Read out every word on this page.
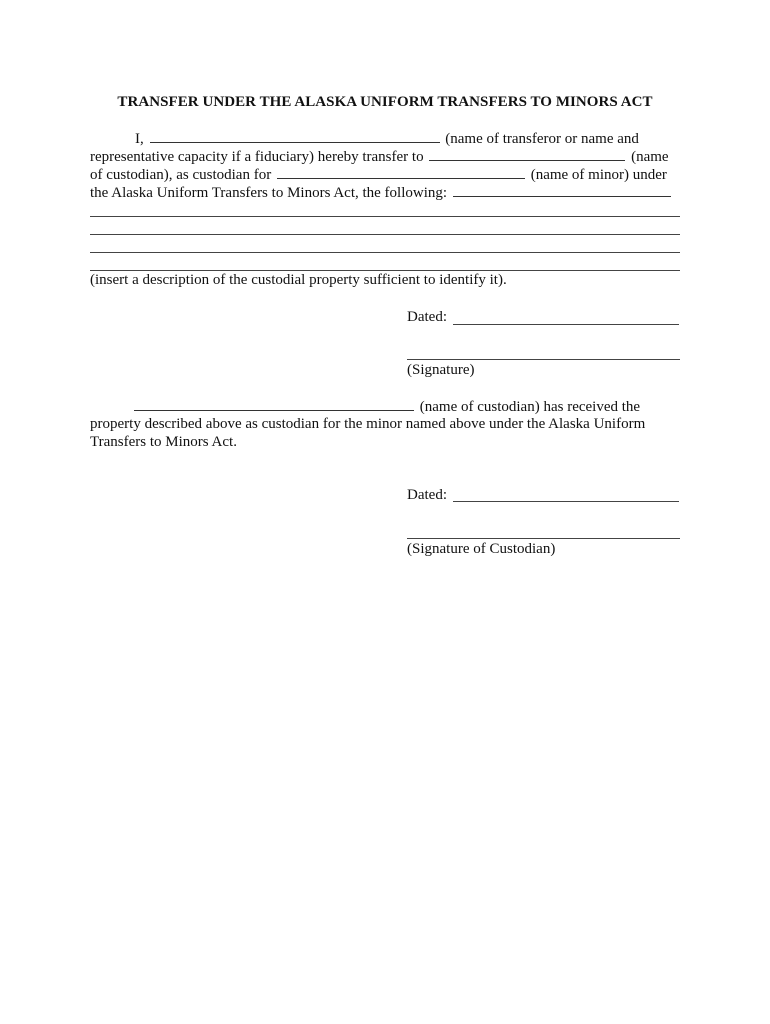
TRANSFER UNDER THE ALASKA UNIFORM TRANSFERS TO MINORS ACT
I,	(name of transferor or name and
representative capacity if a fiduciary) hereby transfer to	(name
of custodian), as custodian for	(name of minor) under
the Alaska Uniform Transfers to Minors Act, the following:
(insert a description of the custodial property sufficient to identify it).
Dated:
(Signature)
(name of custodian) has received the
property described above as custodian for the minor named above under the Alaska Uniform
Transfers to Minors Act.
Dated:
(Signature of Custodian)
